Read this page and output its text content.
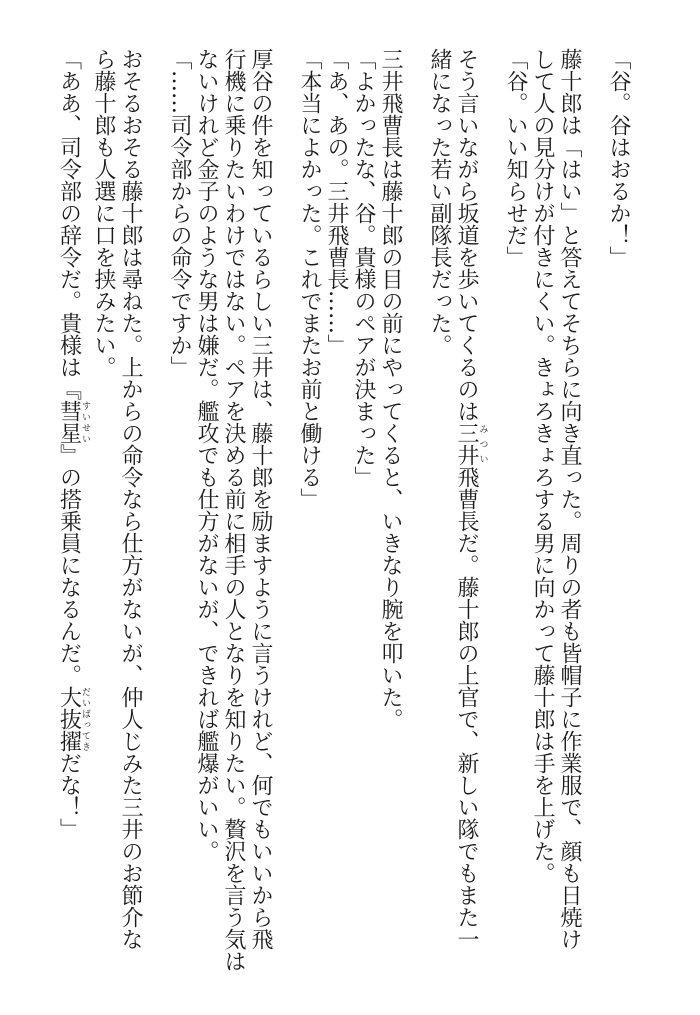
「谷。谷はおるか！」
藤十郎は「はい」と答えてそちらに向き直った。周りの者も皆帽子に作業服で、顔も日焼け
して人の見分けが付きにくい。きょろきょろする男に向かって藤十郎は手を上げた。
「谷。いい知らせだ」
そう言いながら坂道を歩いてくるのは三井みつい飛曹長だ。藤十郎の上官で、新しい隊でもまた一
緒になった若い副隊長だった。
三井飛曹長は藤十郎の目の前にやってくると、いきなり腕を叩いた。
「よかったな、谷。貴様のペアが決まった」
「あ、あの。三井飛曹長……」
「本当によかった。これでまたお前と働ける」
厚谷の件を知っているらしい三井は、藤十郎を励ますように言うけれど、何でもいいから飛
行機に乗りたいわけではない。ペアを決める前に相手の人となりを知りたい。贅沢を言う気は
ないけれど金子のような男は嫌だ。艦攻でも仕方がないが、できれば艦爆がいい。
「……司令部からの命令ですか」
おそるおそる藤十郎は尋ねた。上からの命令なら仕方がないが、仲人じみた三井のお節介な
ら藤十郎も人選に口を挟みたい。
「ああ、司令部の辞令だ。貴様は『彗星すいせい』の搭乗員になるんだ。大抜擢だいばってきだな！」
